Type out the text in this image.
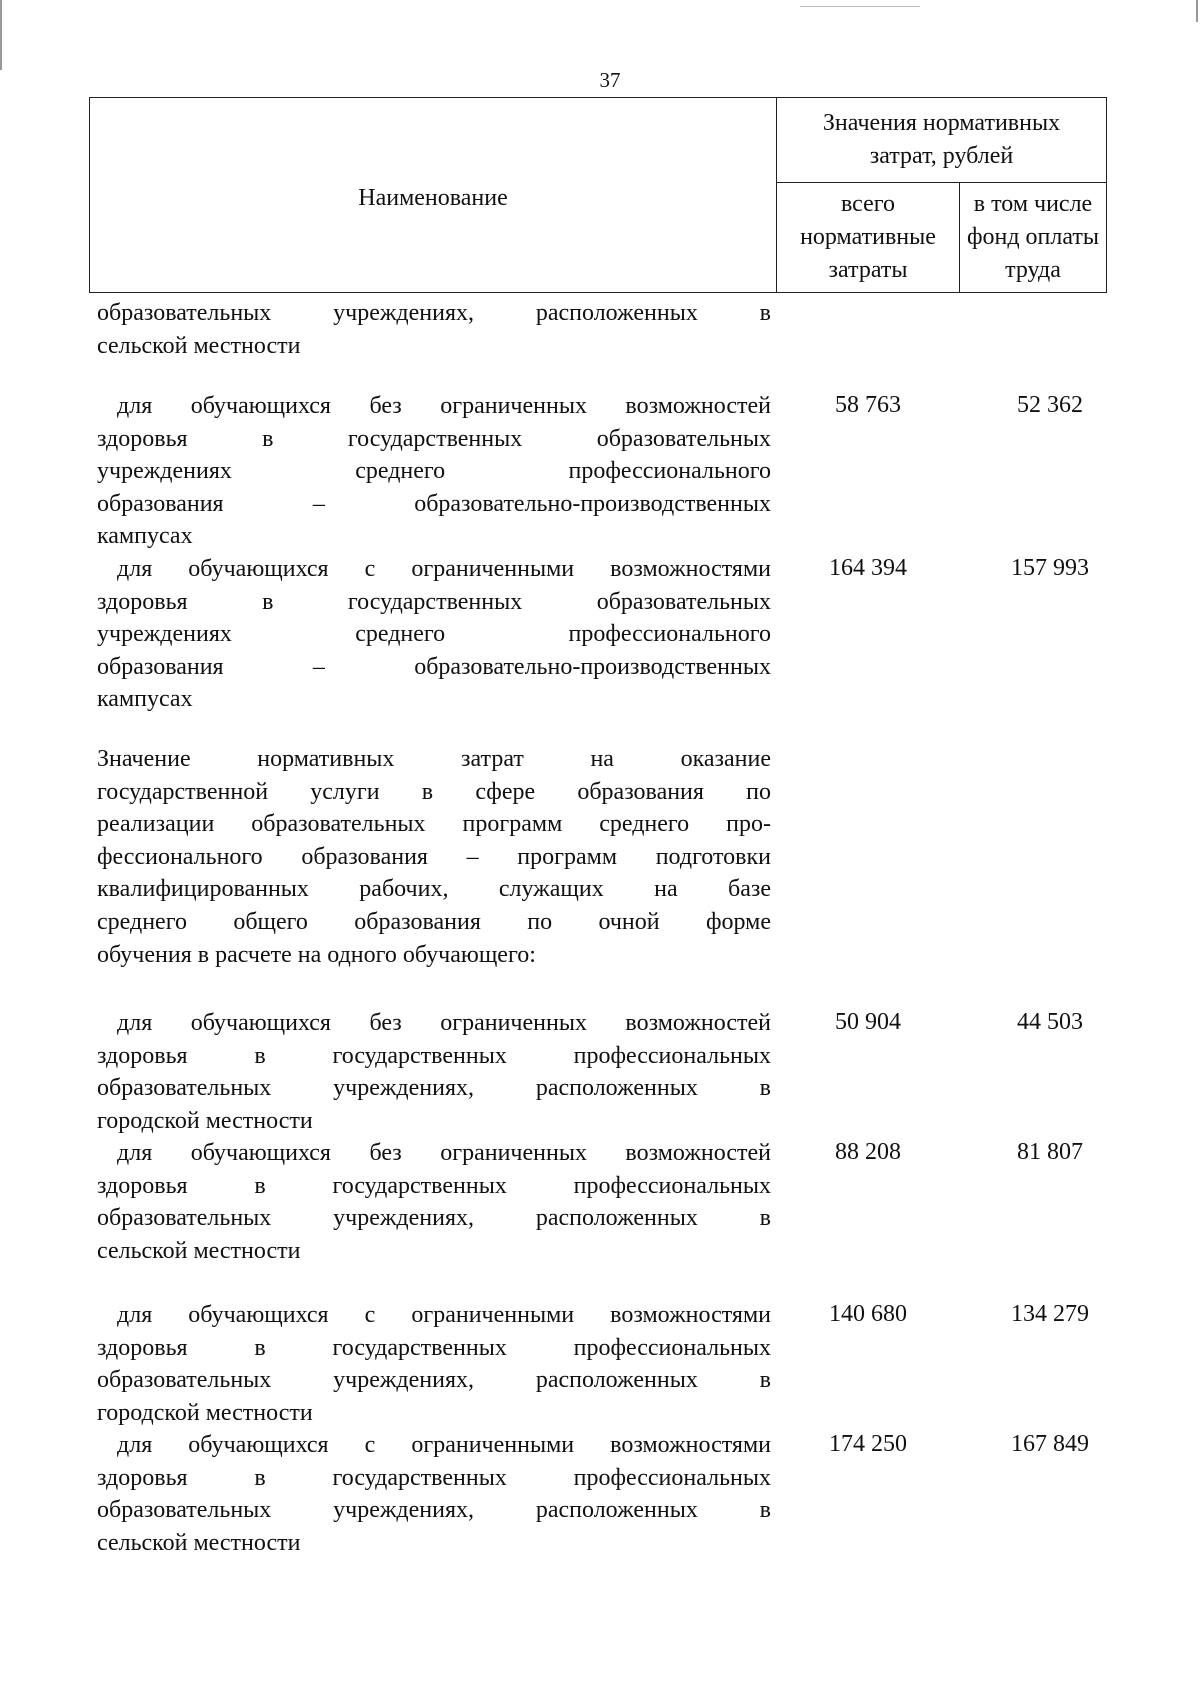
37
Наименование	Значения нормативных затрат, рублей	

	всего
нормативные
затраты	в том числе
фонд оплаты
труда
образовательных учреждениях, расположенных в
сельской местности
для обучающихся без ограниченных возможностей
здоровья в государственных образовательных
учреждениях среднего профессионального
образования – образовательно-производственных
кампусах
58 763	52 362
для обучающихся с ограниченными возможностями
здоровья в государственных образовательных
учреждениях среднего профессионального
образования – образовательно-производственных
кампусах
164 394	157 993
Значение нормативных затрат на оказание
государственной услуги в сфере образования по
реализации образовательных программ среднего про-
фессионального образования – программ подготовки
квалифицированных рабочих, служащих на базе
среднего общего образования по очной форме
обучения в расчете на одного обучающего:
для обучающихся без ограниченных возможностей
здоровья в государственных профессиональных
образовательных учреждениях, расположенных в
городской местности
50 904	44 503
для обучающихся без ограниченных возможностей
здоровья в государственных профессиональных
образовательных учреждениях, расположенных в
сельской местности
88 208	81 807
для обучающихся с ограниченными возможностями
здоровья в государственных профессиональных
образовательных учреждениях, расположенных в
городской местности
140 680	134 279
для обучающихся с ограниченными возможностями
здоровья в государственных профессиональных
образовательных учреждениях, расположенных в
сельской местности
174 250	167 849
